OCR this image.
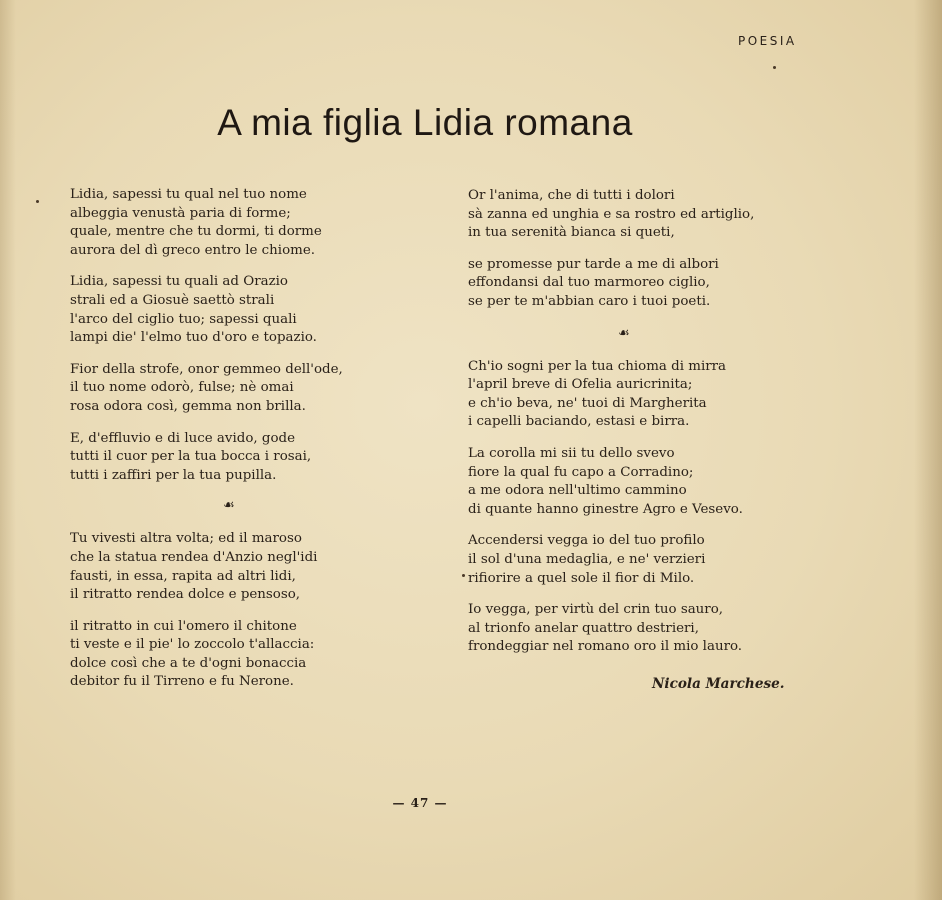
POESIA
A mia figlia Lidia romana
Lidia, sapessi tu qual nel tuo nome
albeggia venustà paria di forme;
quale, mentre che tu dormi, ti dorme
aurora del dì greco entro le chiome.
Lidia, sapessi tu quali ad Orazio
strali ed a Giosuè saettò strali
l'arco del ciglio tuo; sapessi quali
lampi die' l'elmo tuo d'oro e topazio.
Fior della strofe, onor gemmeo dell'ode,
il tuo nome odorò, fulse; nè omai
rosa odora così, gemma non brilla.
E, d'effluvio e di luce avido, gode
tutti il cuor per la tua bocca i rosai,
tutti i zaffiri per la tua pupilla.
☙
Tu vivesti altra volta; ed il maroso
che la statua rendea d'Anzio negl'idi
fausti, in essa, rapita ad altri lidi,
il ritratto rendea dolce e pensoso,
il ritratto in cui l'omero il chitone
ti veste e il pie' lo zoccolo t'allaccia:
dolce così che a te d'ogni bonaccia
debitor fu il Tirreno e fu Nerone.
Or l'anima, che di tutti i dolori
sà zanna ed unghia e sa rostro ed artiglio,
in tua serenità bianca si queti,
se promesse pur tarde a me di albori
effondansi dal tuo marmoreo ciglio,
se per te m'abbian caro i tuoi poeti.
☙
Ch'io sogni per la tua chioma di mirra
l'april breve di Ofelia auricrinita;
e ch'io beva, ne' tuoi di Margherita
i capelli baciando, estasi e birra.
La corolla mi sii tu dello svevo
fiore la qual fu capo a Corradino;
a me odora nell'ultimo cammino
di quante hanno ginestre Agro e Vesevo.
Accendersi vegga io del tuo profilo
il sol d'una medaglia, e ne' verzieri
rifiorire a quel sole il fior di Milo.
Io vegga, per virtù del crin tuo sauro,
al trionfo anelar quattro destrieri,
frondeggiar nel romano oro il mio lauro.
Nicola Marchese.
— 47 —
